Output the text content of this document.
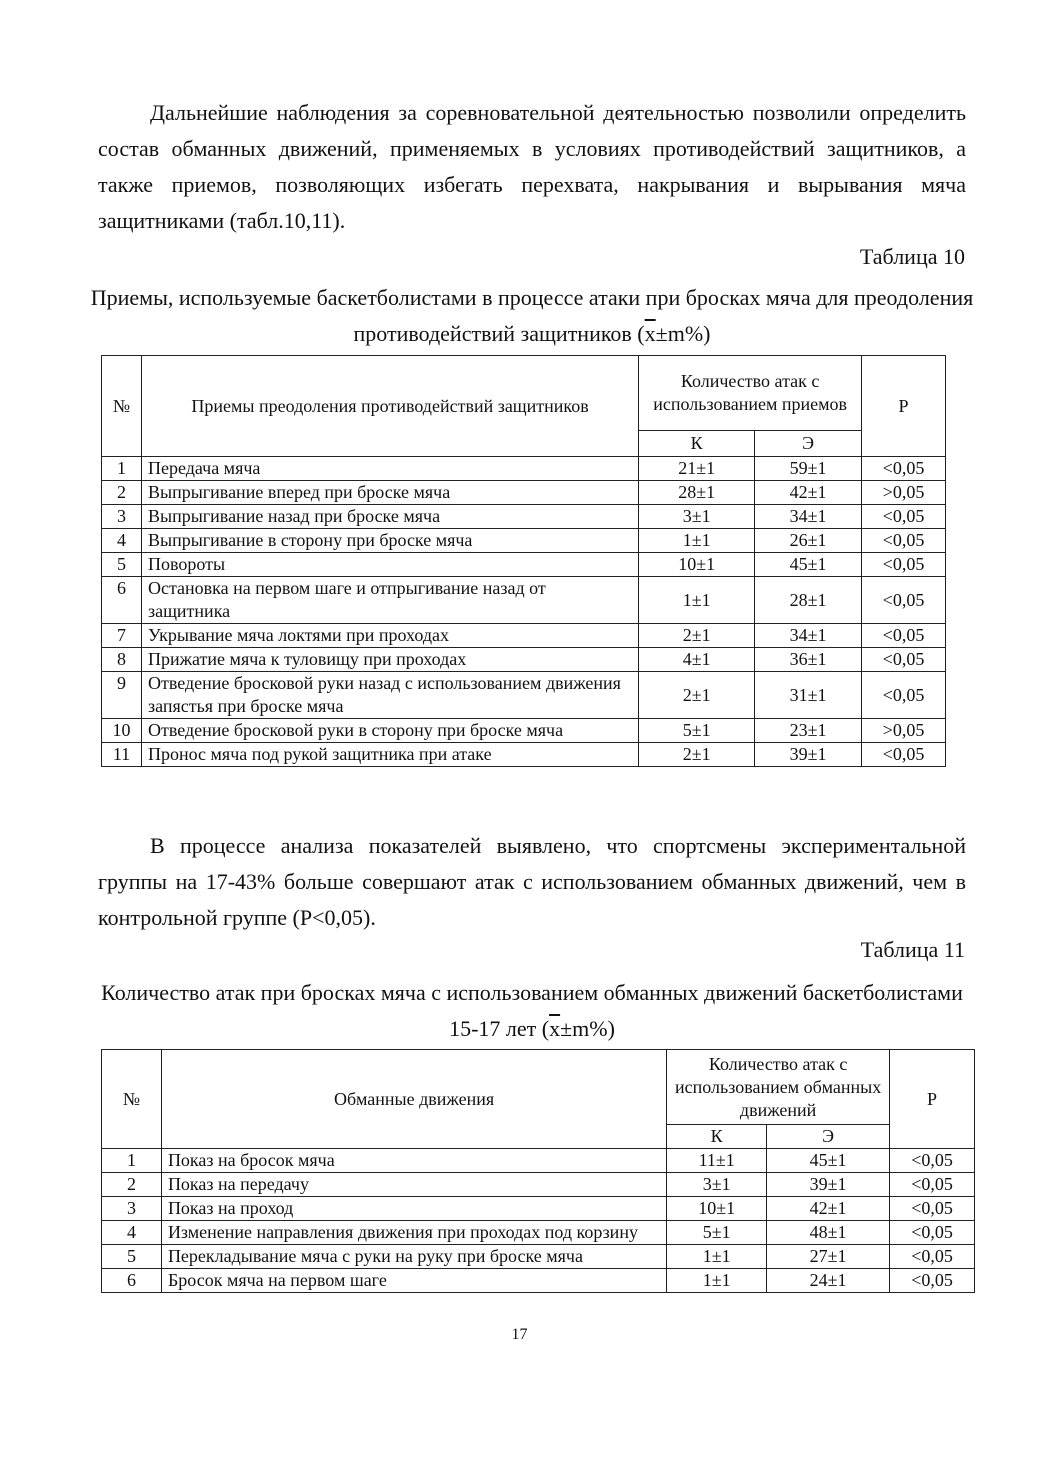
Дальнейшие наблюдения за соревновательной деятельностью позволили определить состав обманных движений, применяемых в условиях противодействий защитников, а также приемов, позволяющих избегать перехвата, накрывания и вырывания мяча защитниками (табл.10,11).

Таблица 10

Приемы, используемые баскетболистами в процессе атаки при бросках мяча для преодоления противодействий защитников $(\overline{x}\pm m\%)$

№	Приемы преодоления противодействий защитников	Количество атак с использованием приемов		P
		К	Э	
1	Передача мяча	21±1	59±1	<0,05
2	Выпрыгивание вперед при броске мяча	28±1	42±1	>0,05
3	Выпрыгивание назад при броске мяча	3±1	34±1	<0,05
4	Выпрыгивание в сторону при броске мяча	1±1	26±1	<0,05
5	Повороты	10±1	45±1	<0,05
6	Остановка на первом шаге и отпрыгивание назад от защитника	1±1	28±1	<0,05
7	Укрывание мяча локтями при проходах	2±1	34±1	<0,05
8	Прижатие мяча к туловищу при проходах	4±1	36±1	<0,05
9	Отведение бросковой руки назад с использованием движения запястья при броске мяча	2±1	31±1	<0,05
10	Отведение бросковой руки в сторону при броске мяча	5±1	23±1	>0,05
11	Пронос мяча под рукой защитника при атаке	2±1	39±1	<0,05

В процессе анализа показателей выявлено, что спортсмены экспериментальной группы на 17-43% больше совершают атак с использованием обманных движений, чем в контрольной группе (P<0,05).

Таблица 11

Количество атак при бросках мяча с использованием обманных движений баскетболистами 15-17 лет $(\overline{x}\pm m\%)$

№	Обманные движения	Количество атак с использованием обманных движений		P
		К	Э	
1	Показ на бросок мяча	11±1	45±1	<0,05
2	Показ на передачу	3±1	39±1	<0,05
3	Показ на проход	10±1	42±1	<0,05
4	Изменение направления движения при проходах под корзину	5±1	48±1	<0,05
5	Перекладывание мяча с руки на руку при броске мяча	1±1	27±1	<0,05
6	Бросок мяча на первом шаге	1±1	24±1	<0,05

17
